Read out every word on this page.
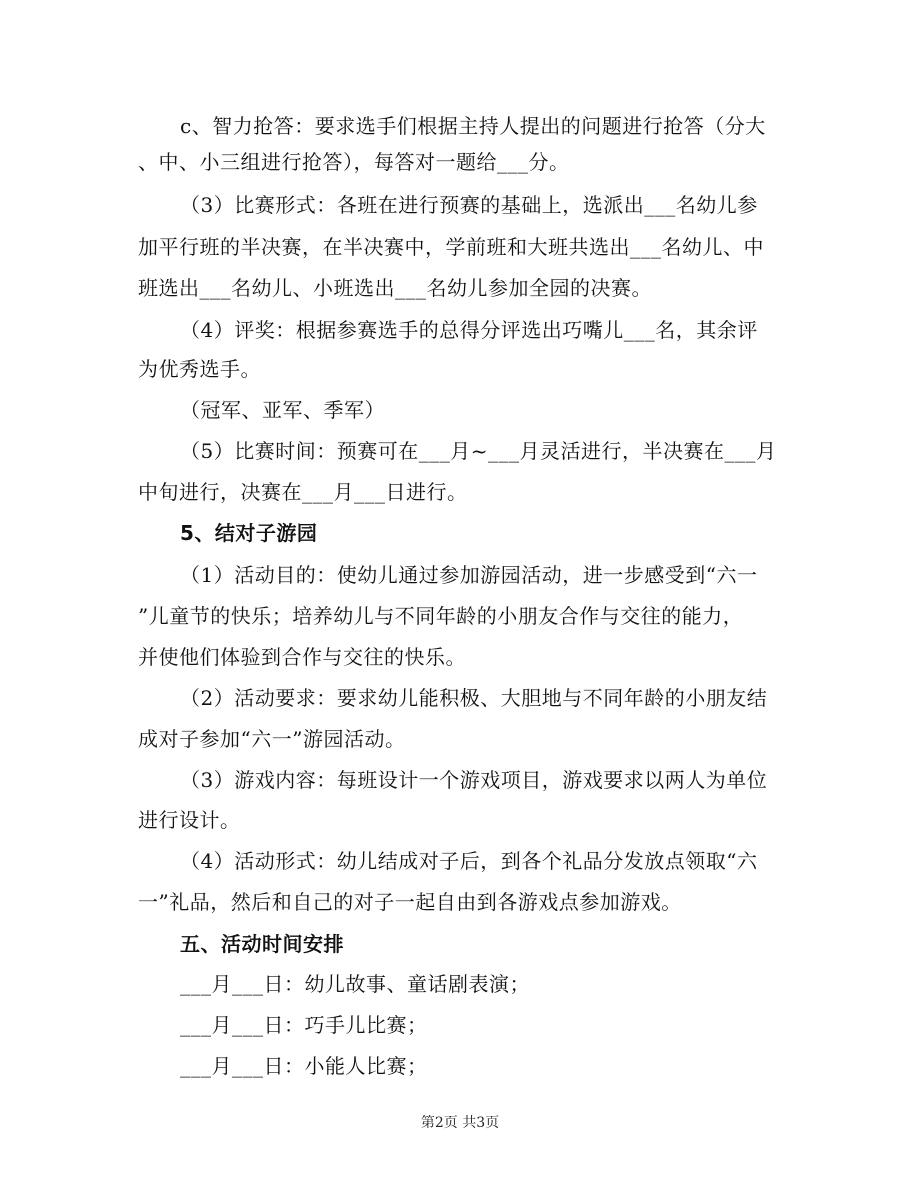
c、智力抢答：要求选手们根据主持人提出的问题进行抢答（分大
、中、小三组进行抢答），每答对一题给___分。
（3）比赛形式：各班在进行预赛的基础上，选派出___名幼儿参
加平行班的半决赛，在半决赛中，学前班和大班共选出___名幼儿、中
班选出___名幼儿、小班选出___名幼儿参加全园的决赛。
（4）评奖：根据参赛选手的总得分评选出巧嘴儿___名，其余评
为优秀选手。
（冠军、亚军、季军）
（5）比赛时间：预赛可在___月~___月灵活进行，半决赛在___月
中旬进行，决赛在___月___日进行。
5、结对子游园
（1）活动目的：使幼儿通过参加游园活动，进一步感受到“六一
”儿童节的快乐；培养幼儿与不同年龄的小朋友合作与交往的能力，
并使他们体验到合作与交往的快乐。
（2）活动要求：要求幼儿能积极、大胆地与不同年龄的小朋友结
成对子参加“六一”游园活动。
（3）游戏内容：每班设计一个游戏项目，游戏要求以两人为单位
进行设计。
（4）活动形式：幼儿结成对子后，到各个礼品分发放点领取“六
一”礼品，然后和自己的对子一起自由到各游戏点参加游戏。
五、活动时间安排
___月___日：幼儿故事、童话剧表演；
___月___日：巧手儿比赛；
___月___日：小能人比赛；
第2页 共3页
